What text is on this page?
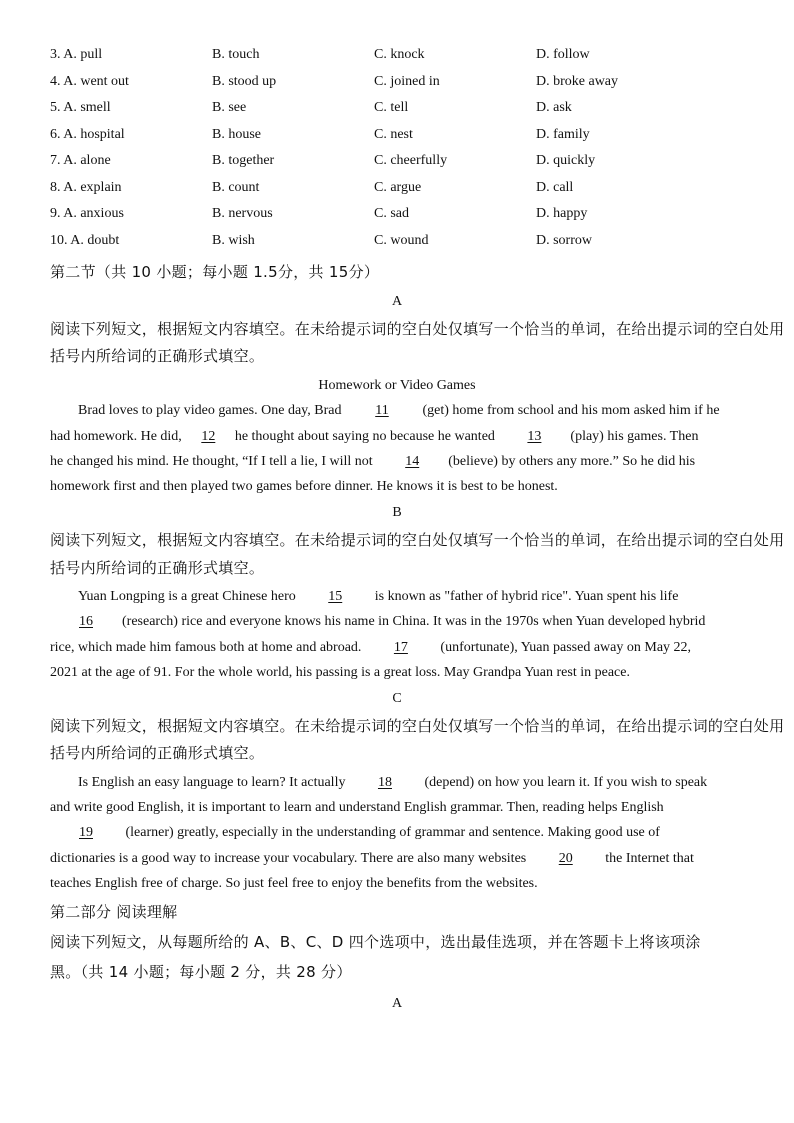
3. A. pull	B. touch	C. knock	D. follow
4. A. went out	B. stood up	C. joined in	D. broke away
5. A. smell	B. see	C. tell	D. ask
6. A. hospital	B. house	C. nest	D. family
7. A. alone	B. together	C. cheerfully	D. quickly
8. A. explain	B. count	C. argue	D. call
9. A. anxious	B. nervous	C. sad	D. happy
10. A. doubt	B. wish	C. wound	D. sorrow
第二节（共 10 小题；每小题 1.5分，共 15分）
A
阅读下列短文，根据短文内容填空。在未给提示词的空白处仅填写一个恰当的单词，在给出提示词的空白处用
括号内所给词的正确形式填空。
Homework or Video Games
Brad loves to play video games. One day, Brad 11 (get) home from school and his mom asked him if he
had homework. He did, 12 he thought about saying no because he wanted 13 (play) his games. Then
he changed his mind. He thought, “If I tell a lie, I will not 14 (believe) by others any more.” So he did his
homework first and then played two games before dinner. He knows it is best to be honest.
B
阅读下列短文，根据短文内容填空。在未给提示词的空白处仅填写一个恰当的单词，在给出提示词的空白处用
括号内所给词的正确形式填空。
Yuan Longping is a great Chinese hero 15 is known as "father of hybrid rice". Yuan spent his life
16 (research) rice and everyone knows his name in China. It was in the 1970s when Yuan developed hybrid
rice, which made him famous both at home and abroad. 17 (unfortunate), Yuan passed away on May 22,
2021 at the age of 91. For the whole world, his passing is a great loss. May Grandpa Yuan rest in peace.
C
阅读下列短文，根据短文内容填空。在未给提示词的空白处仅填写一个恰当的单词，在给出提示词的空白处用
括号内所给词的正确形式填空。
Is English an easy language to learn? It actually 18 (depend) on how you learn it. If you wish to speak
and write good English, it is important to learn and understand English grammar. Then, reading helps English
19 (learner) greatly, especially in the understanding of grammar and sentence. Making good use of
dictionaries is a good way to increase your vocabulary. There are also many websites 20 the Internet that
teaches English free of charge. So just feel free to enjoy the benefits from the websites.
第二部分 阅读理解
阅读下列短文，从每题所给的 A、B、C、D 四个选项中，选出最佳选项，并在答题卡上将该项涂
黑。（共 14 小题；每小题 2 分，共 28 分）
A
